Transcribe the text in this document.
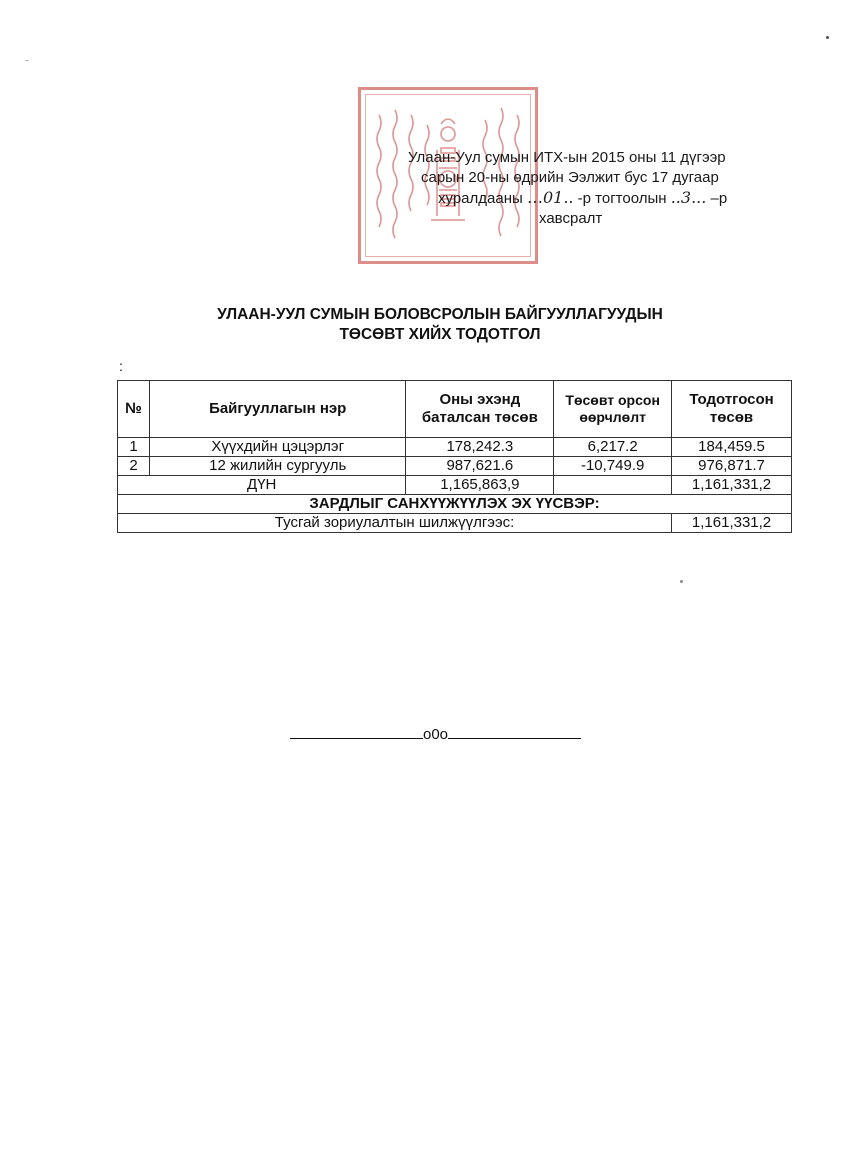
Улаан-Уул сумын ИТХ-ын 2015 оны 11 дүгээр
сарын 20-ны өдрийн Ээлжит бус 17 дугаар
хуралдааны …01.. -р тогтоолын ..3... –р
хавсралт
УЛААН-УУЛ СУМЫН БОЛОВСРОЛЫН БАЙГУУЛЛАГУУДЫН
ТӨСӨВТ ХИЙХ ТОДОТГОЛ
:
№	Байгууллагын нэр	Оны эхэнд баталсан төсөв	Төсөвт орсон өөрчлөлт	Тодотгосон төсөв
1	Хүүхдийн цэцэрлэг	178,242.3	6,217.2	184,459.5
2	12 жилийн сургууль	987,621.6	-10,749.9	976,871.7
ДҮН		1,165,863,9		1,161,331,2
ЗАРДЛЫГ САНХҮҮЖҮҮЛЭХ ЭХ ҮҮСВЭР:				
Тусгай зориулалтын шилжүүлгээс:				1,161,331,2
o0o
